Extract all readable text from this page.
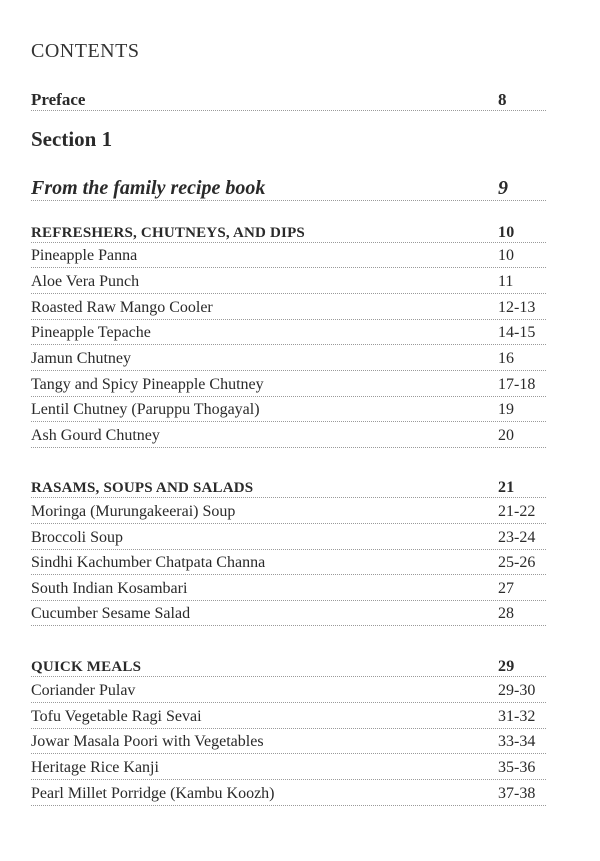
CONTENTS
Preface	8
Section 1
From the family recipe book	9
REFRESHERS, CHUTNEYS, AND DIPS	10
Pineapple Panna	10
Aloe Vera Punch	11
Roasted Raw Mango Cooler	12-13
Pineapple Tepache	14-15
Jamun Chutney	16
Tangy and Spicy Pineapple Chutney	17-18
Lentil Chutney (Paruppu Thogayal)	19
Ash Gourd Chutney	20
RASAMS, SOUPS AND SALADS	21
Moringa (Murungakeerai) Soup	21-22
Broccoli Soup	23-24
Sindhi Kachumber Chatpata Channa	25-26
South Indian Kosambari	27
Cucumber Sesame Salad	28
QUICK MEALS	29
Coriander Pulav	29-30
Tofu Vegetable Ragi Sevai	31-32
Jowar Masala Poori with Vegetables	33-34
Heritage Rice Kanji	35-36
Pearl Millet Porridge (Kambu Koozh)	37-38
